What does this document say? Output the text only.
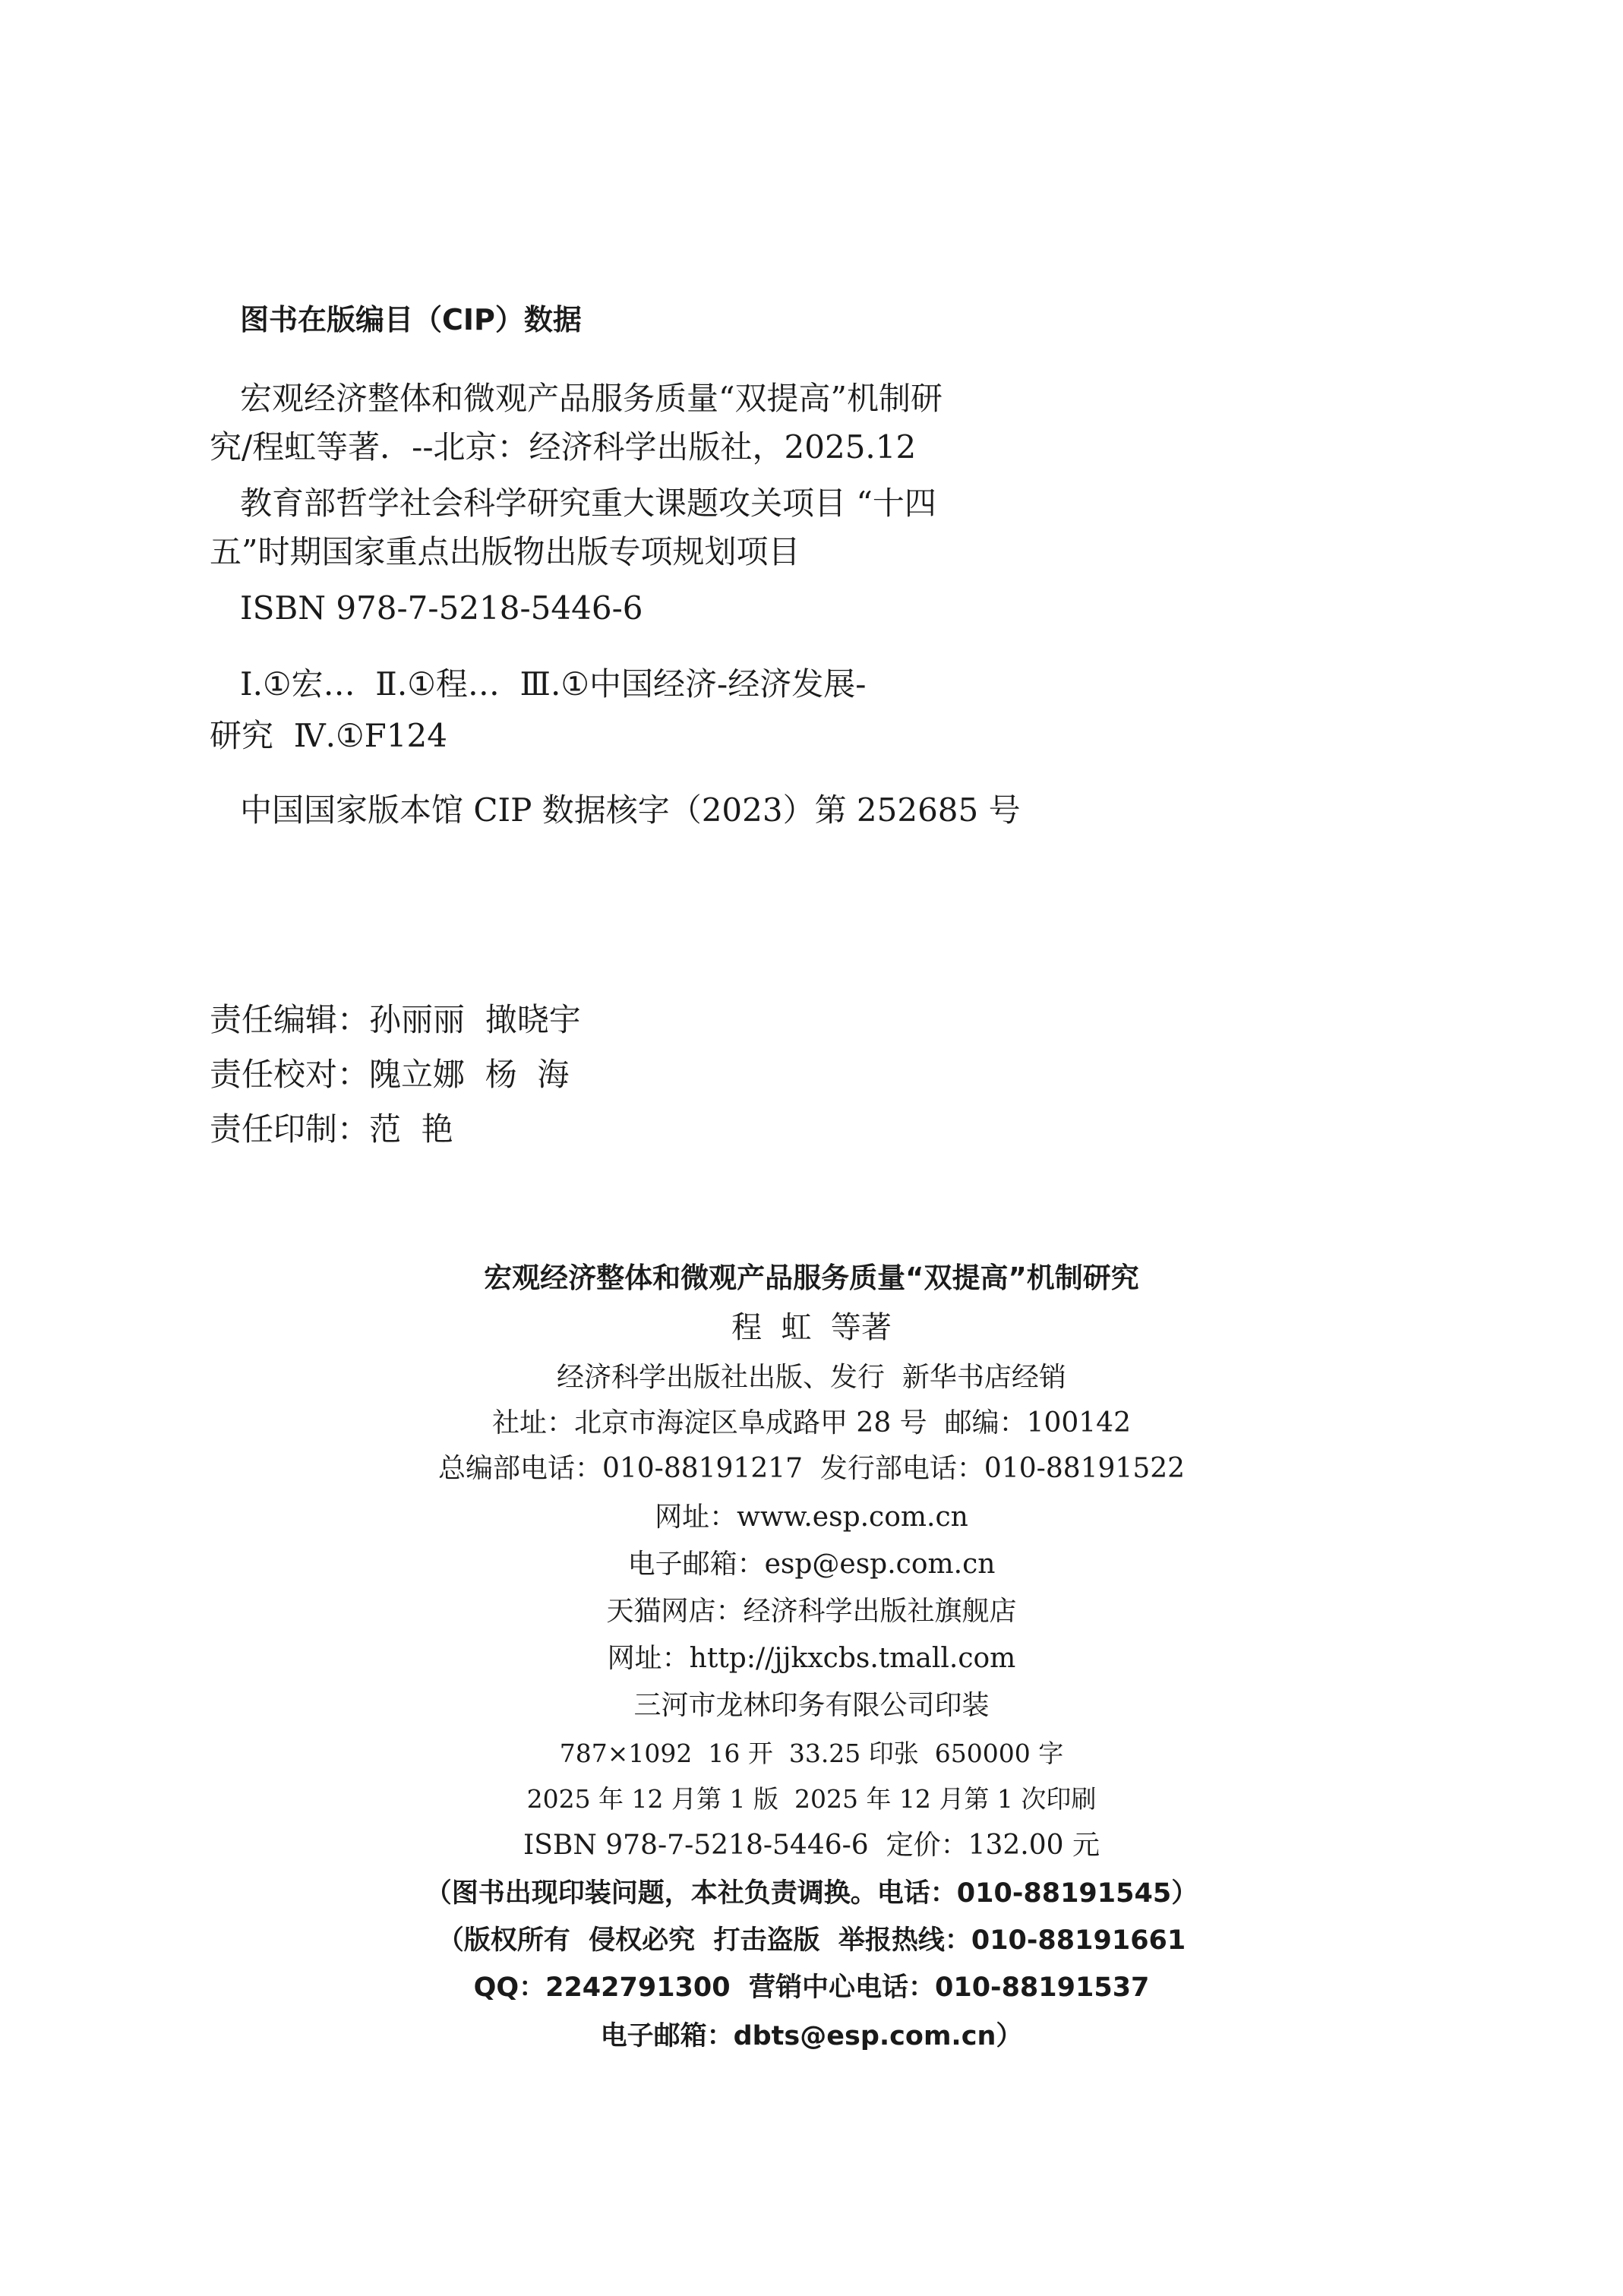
图书在版编目（CIP）数据
宏观经济整体和微观产品服务质量“双提高”机制研
究/程虹等著．--北京：经济科学出版社，2025.12
教育部哲学社会科学研究重大课题攻关项目 “十四
五”时期国家重点出版物出版专项规划项目
ISBN 978-7-5218-5446-6
Ⅰ.①宏…  Ⅱ.①程…  Ⅲ.①中国经济-经济发展-
研究  Ⅳ.①F124
中国国家版本馆 CIP 数据核字（2023）第 252685 号
责任编辑：孙丽丽  撖晓宇
责任校对：隗立娜  杨  海
责任印制：范  艳
宏观经济整体和微观产品服务质量“双提高”机制研究
程  虹  等著
经济科学出版社出版、发行  新华书店经销
社址：北京市海淀区阜成路甲 28 号  邮编：100142
总编部电话：010-88191217  发行部电话：010-88191522
网址：www.esp.com.cn
电子邮箱：esp@esp.com.cn
天猫网店：经济科学出版社旗舰店
网址：http://jjkxcbs.tmall.com
三河市龙林印务有限公司印装
787×1092  16 开  33.25 印张  650000 字
2025 年 12 月第 1 版  2025 年 12 月第 1 次印刷
ISBN 978-7-5218-5446-6  定价：132.00 元
（图书出现印装问题，本社负责调换。电话：010-88191545）
（版权所有  侵权必究  打击盗版  举报热线：010-88191661
QQ：2242791300  营销中心电话：010-88191537
电子邮箱：dbts@esp.com.cn）
